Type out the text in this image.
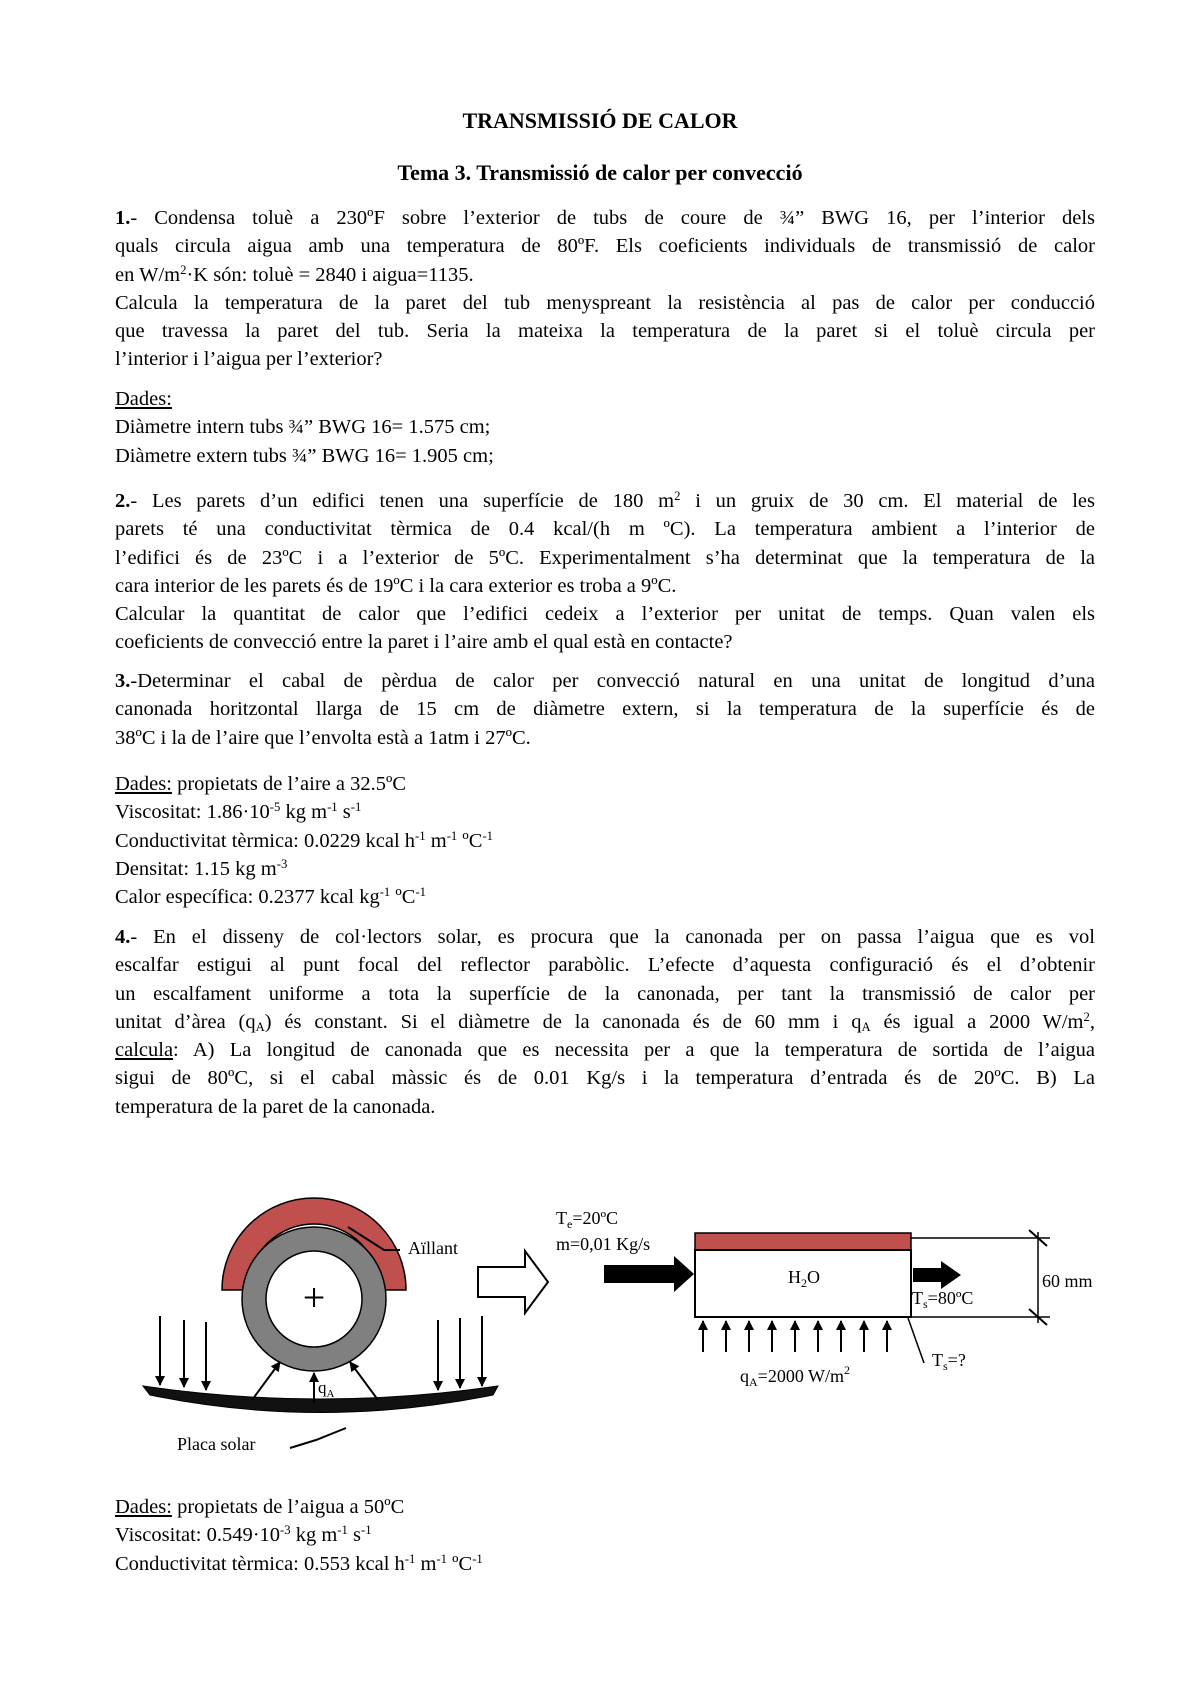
TRANSMISSIÓ DE CALOR
Tema 3. Transmissió de calor per convecció
1.- Condensa toluè a 230ºF sobre l’exterior de tubs de coure de ¾” BWG 16, per l’interior dels
quals circula aigua amb una temperatura de 80ºF. Els coeficients individuals de transmissió de calor
en $W/m^2\cdot K$ són: toluè = 2840 i aigua=1135.
Calcula la temperatura de la paret del tub menyspreant la resistència al pas de calor per conducció
que travessa la paret del tub. Seria la mateixa la temperatura de la paret si el toluè circula per
l’interior i l’aigua per l’exterior?
Dades:
Diàmetre intern tubs ¾” BWG 16= 1.575 cm;
Diàmetre extern tubs ¾” BWG 16= 1.905 cm;
2.- Les parets d’un edifici tenen una superfície de 180 $m^2$ i un gruix de 30 cm. El material de les
parets té una conductivitat tèrmica de 0.4 kcal/(h m ºC). La temperatura ambient a l’interior de
l’edifici és de 23ºC i a l’exterior de 5ºC. Experimentalment s’ha determinat que la temperatura de la
cara interior de les parets és de 19ºC i la cara exterior es troba a 9ºC.
Calcular la quantitat de calor que l’edifici cedeix a l’exterior per unitat de temps. Quan valen els
coeficients de convecció entre la paret i l’aire amb el qual està en contacte?
3.-Determinar el cabal de pèrdua de calor per convecció natural en una unitat de longitud d’una
canonada horitzontal llarga de 15 cm de diàmetre extern, si la temperatura de la superfície és de
38ºC i la de l’aire que l’envolta està a 1atm i 27ºC.
Dades: propietats de l’aire a 32.5ºC
Viscositat: $1.86\cdot 10^{-5}$ kg $m^{-1}$ $s^{-1}$
Conductivitat tèrmica: 0.0229 kcal $h^{-1}$ $m^{-1}$ ºC$^{-1}$
Densitat: 1.15 kg $m^{-3}$
Calor específica: 0.2377 kcal $kg^{-1}$ ºC$^{-1}$
4.- En el disseny de col·lectors solar, es procura que la canonada per on passa l’aigua que es vol
escalfar estigui al punt focal del reflector parabòlic. L’efecte d’aquesta configuració és el d’obtenir
un escalfament uniforme a tota la superfície de la canonada, per tant la transmissió de calor per
unitat d’àrea $(q_A)$ és constant. Si el diàmetre de la canonada és de 60 mm i $q_A$ és igual a 2000 $W/m^2$,
calcula: A) La longitud de canonada que es necessita per a que la temperatura de sortida de l’aigua
sigui de 80ºC, si el cabal màssic és de 0.01 Kg/s i la temperatura d’entrada és de 20ºC. B) La
temperatura de la paret de la canonada.
+
$q_A$
Aïllant
Placa solar
$T_e=20ºC$
m=0,01 Kg/s
$H_2O$
$T_s=80ºC$
60 mm
$T_s=$?
$q_A=2000$ $W/m^2$
Dades: propietats de l’aigua a 50ºC
Viscositat: $0.549\cdot 10^{-3}$ kg $m^{-1}$ $s^{-1}$
Conductivitat tèrmica: 0.553 kcal $h^{-1}$ $m^{-1}$ ºC$^{-1}$
